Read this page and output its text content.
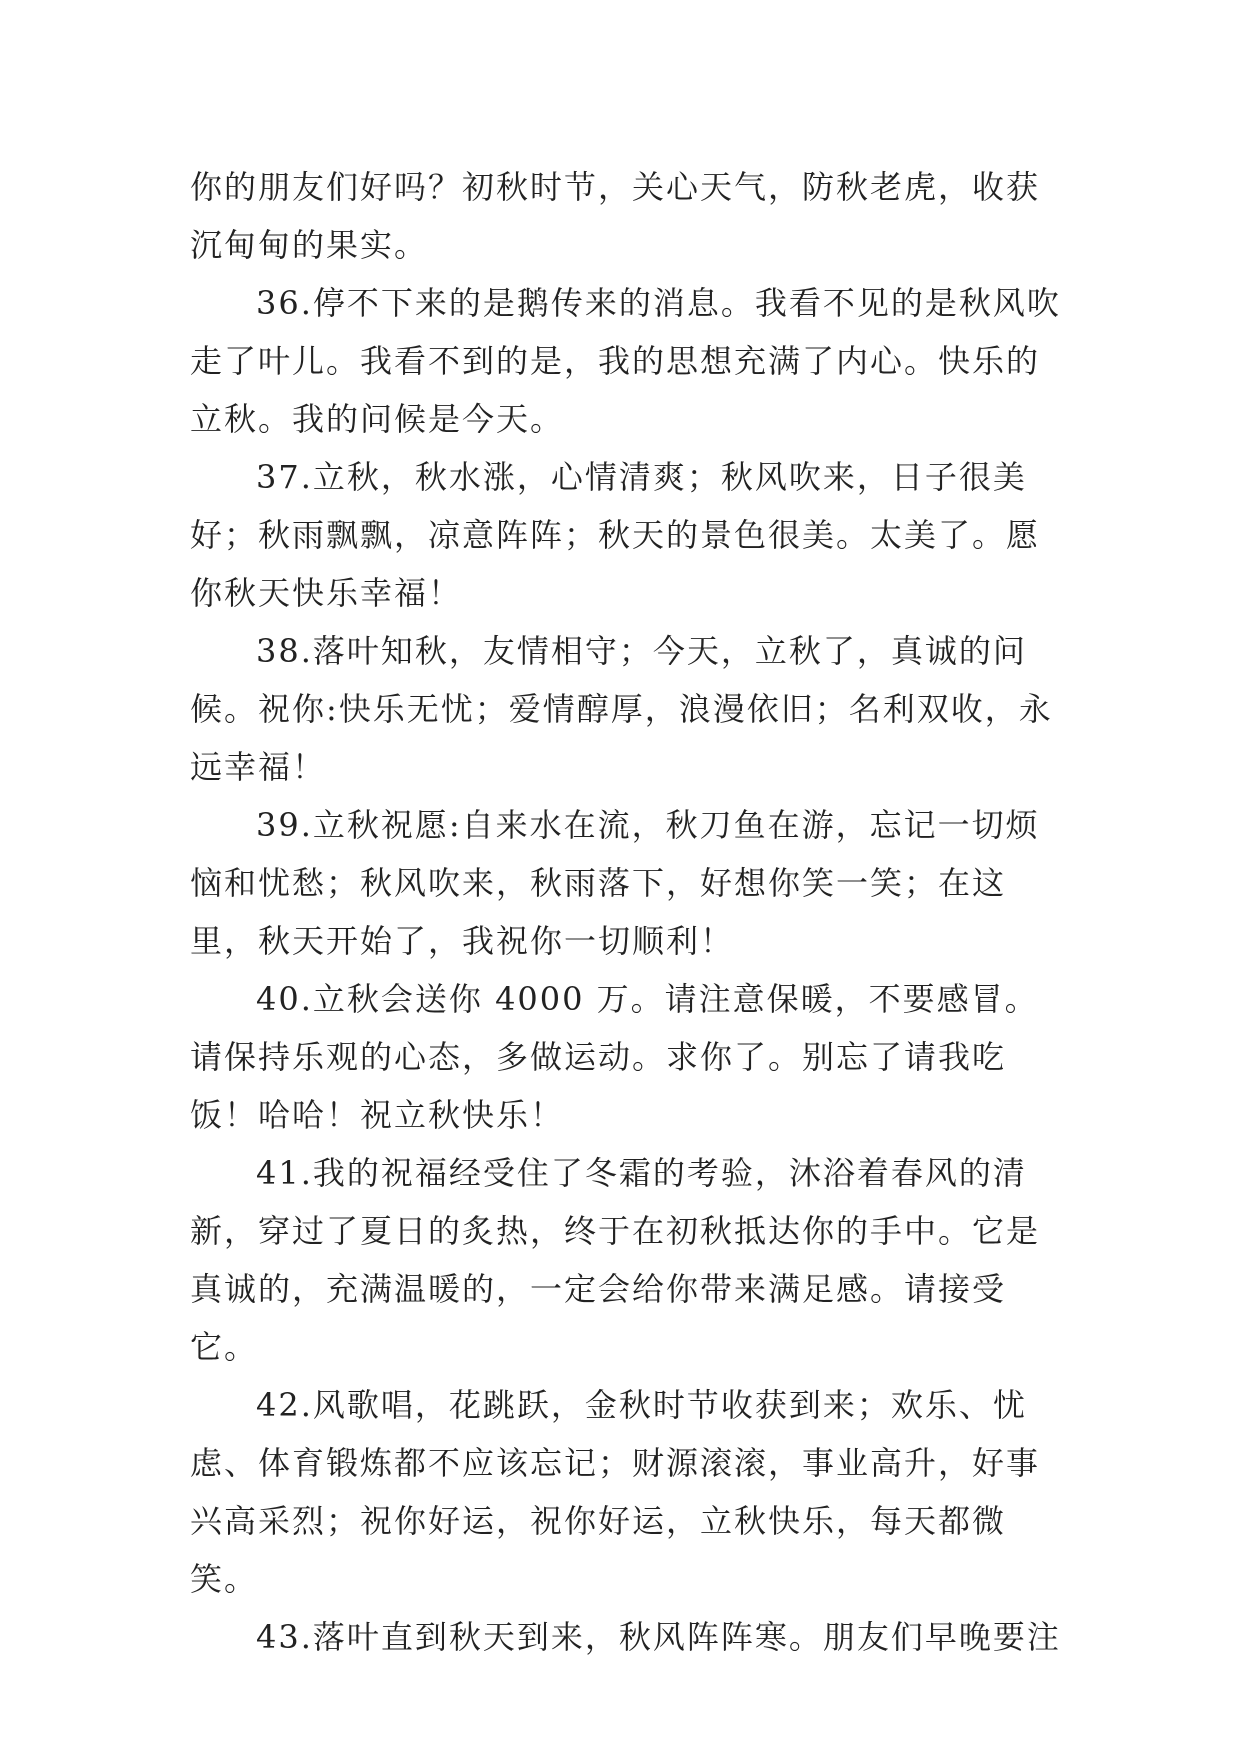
你的朋友们好吗？初秋时节，关心天气，防秋老虎，收获沉甸甸的果实。

36.停不下来的是鹅传来的消息。我看不见的是秋风吹走了叶儿。我看不到的是，我的思想充满了内心。快乐的立秋。我的问候是今天。

37.立秋，秋水涨，心情清爽；秋风吹来，日子很美好；秋雨飘飘，凉意阵阵；秋天的景色很美。太美了。愿你秋天快乐幸福！

38.落叶知秋，友情相守；今天，立秋了，真诚的问候。祝你:快乐无忧；爱情醇厚，浪漫依旧；名利双收，永远幸福！

39.立秋祝愿:自来水在流，秋刀鱼在游，忘记一切烦恼和忧愁；秋风吹来，秋雨落下，好想你笑一笑；在这里，秋天开始了，我祝你一切顺利！

40.立秋会送你 4000 万。请注意保暖，不要感冒。请保持乐观的心态，多做运动。求你了。别忘了请我吃饭！哈哈！祝立秋快乐！

41.我的祝福经受住了冬霜的考验，沐浴着春风的清新，穿过了夏日的炙热，终于在初秋抵达你的手中。它是真诚的，充满温暖的，一定会给你带来满足感。请接受它。

42.风歌唱，花跳跃，金秋时节收获到来；欢乐、忧虑、体育锻炼都不应该忘记；财源滚滚，事业高升，好事兴高采烈；祝你好运，祝你好运，立秋快乐，每天都微笑。

43.落叶直到秋天到来，秋风阵阵寒。朋友们早晚要注
